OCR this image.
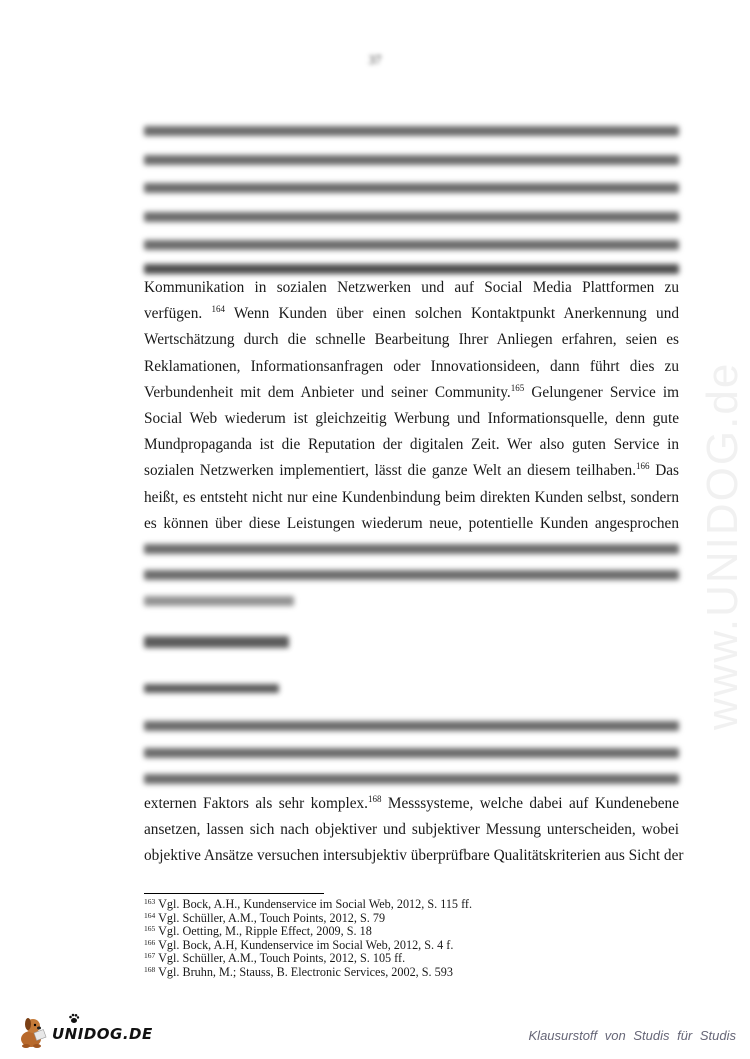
37
Kommunikation in sozialen Netzwerken und auf Social Media Plattformen zu
verfügen. $^{164}$ Wenn Kunden über einen solchen Kontaktpunkt Anerkennung und
Wertschätzung durch die schnelle Bearbeitung Ihrer Anliegen erfahren, seien es
Reklamationen, Informationsanfragen oder Innovationsideen, dann führt dies zu
Verbundenheit mit dem Anbieter und seiner Community.$^{165}$ Gelungener Service im
Social Web wiederum ist gleichzeitig Werbung und Informationsquelle, denn gute
Mundpropaganda ist die Reputation der digitalen Zeit. Wer also guten Service in
sozialen Netzwerken implementiert, lässt die ganze Welt an diesem teilhaben.$^{166}$ Das
heißt, es entsteht nicht nur eine Kundenbindung beim direkten Kunden selbst, sondern
es können über diese Leistungen wiederum neue, potentielle Kunden angesprochen
externen Faktors als sehr komplex.$^{168}$ Messsysteme, welche dabei auf Kundenebene
ansetzen, lassen sich nach objektiver und subjektiver Messung unterscheiden, wobei
objektive Ansätze versuchen intersubjektiv überprüfbare Qualitätskriterien aus Sicht der
$^{163}$ Vgl. Bock, A.H., Kundenservice im Social Web, 2012, S. 115 ff.
$^{164}$ Vgl. Schüller, A.M., Touch Points, 2012, S. 79
$^{165}$ Vgl. Oetting, M., Ripple Effect, 2009, S. 18
$^{166}$ Vgl. Bock, A.H, Kundenservice im Social Web, 2012, S. 4 f.
$^{167}$ Vgl. Schüller, A.M., Touch Points, 2012, S. 105 ff.
$^{168}$ Vgl. Bruhn, M.; Stauss, B. Electronic Services, 2002, S. 593
www.UNIDOG.de
UNIDOG.DE	Klausurstoff von Studis für Studis
